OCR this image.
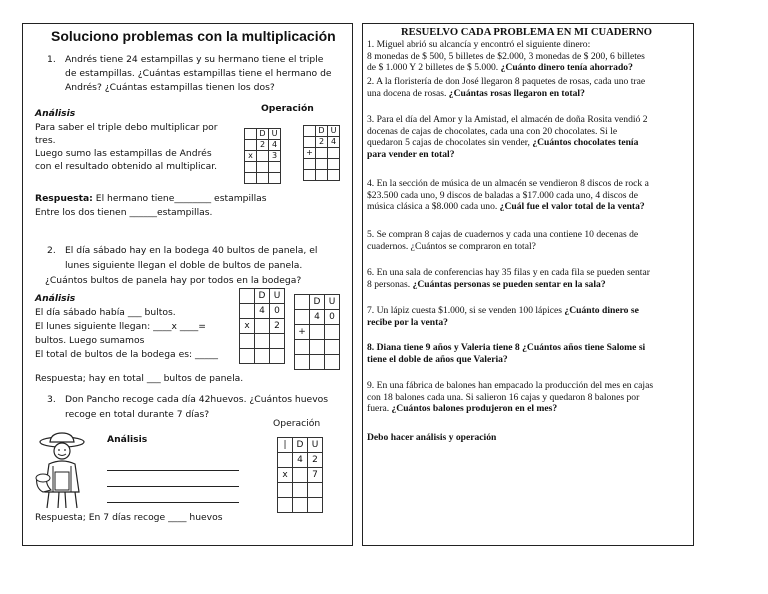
Soluciono problemas con la multiplicación
1. Andrés tiene 24 estampillas y su hermano tiene el triple
de estampillas. ¿Cuántas estampillas tiene el hermano de
Andrés? ¿Cuántas estampillas tienen los dos?
Análisis	Operación
Para saber el triple debo multiplicar por
tres.
Luego sumo las estampillas de Andrés
con el resultado obtenido al multiplicar.
	D	U
	2	4
x		3

	D	U
	2	4
+		

Respuesta: El hermano tiene________ estampillas
Entre los dos tienen ______estampillas.
2. El día sábado hay en la bodega 40 bultos de panela, el
lunes siguiente llegan el doble de bultos de panela.
¿Cuántos bultos de panela hay por todos en la bodega?
Análisis
El día sábado había ___ bultos.
El lunes siguiente llegan: ____x ____=
bultos. Luego sumamos
El total de bultos de la bodega es: _____
	D	U
	4	0
x		2

	D	U
	4	0
+		

Respuesta; hay en total ___ bultos de panela.
3. Don Pancho recoge cada día 42huevos. ¿Cuántos huevos
recoge en total durante 7 días?
Operación
Análisis	|	D	U
	4	2
x		7

Respuesta; En 7 días recoge ____ huevos
RESUELVO CADA PROBLEMA EN MI CUADERNO
1. Miguel abrió su alcancía y encontró el siguiente dinero:
8 monedas de $ 500, 5 billetes de $2.000, 3 monedas de $ 200, 6 billetes
de $ 1.000 Y 2 billetes de $ 5.000. ¿Cuánto dinero tenía ahorrado?
2. A la floristería de don José llegaron 8 paquetes de rosas, cada uno trae
una docena de rosas. ¿Cuántas rosas llegaron en total?
3. Para el día del Amor y la Amistad, el almacén de doña Rosita vendió 2
docenas de cajas de chocolates, cada una con 20 chocolates. Si le
quedaron 5 cajas de chocolates sin vender, ¿Cuántos chocolates tenía
para vender en total?
4. En la sección de música de un almacén se vendieron 8 discos de rock a
$23.500 cada uno, 9 discos de baladas a $17.000 cada uno, 4 discos de
música clásica a $8.000 cada uno. ¿Cuál fue el valor total de la venta?
5. Se compran 8 cajas de cuadernos y cada una contiene 10 decenas de
cuadernos. ¿Cuántos se compraron en total?
6. En una sala de conferencias hay 35 filas y en cada fila se pueden sentar
8 personas. ¿Cuántas personas se pueden sentar en la sala?
7. Un lápiz cuesta $1.000, si se venden 100 lápices ¿Cuánto dinero se
recibe por la venta?
8. Diana tiene 9 años y Valeria tiene 8 ¿Cuántos años tiene Salome si
tiene el doble de años que Valeria?
9. En una fábrica de balones han empacado la producción del mes en cajas
con 18 balones cada una. Si salieron 16 cajas y quedaron 8 balones por
fuera. ¿Cuántos balones produjeron en el mes?
Debo hacer análisis y operación
